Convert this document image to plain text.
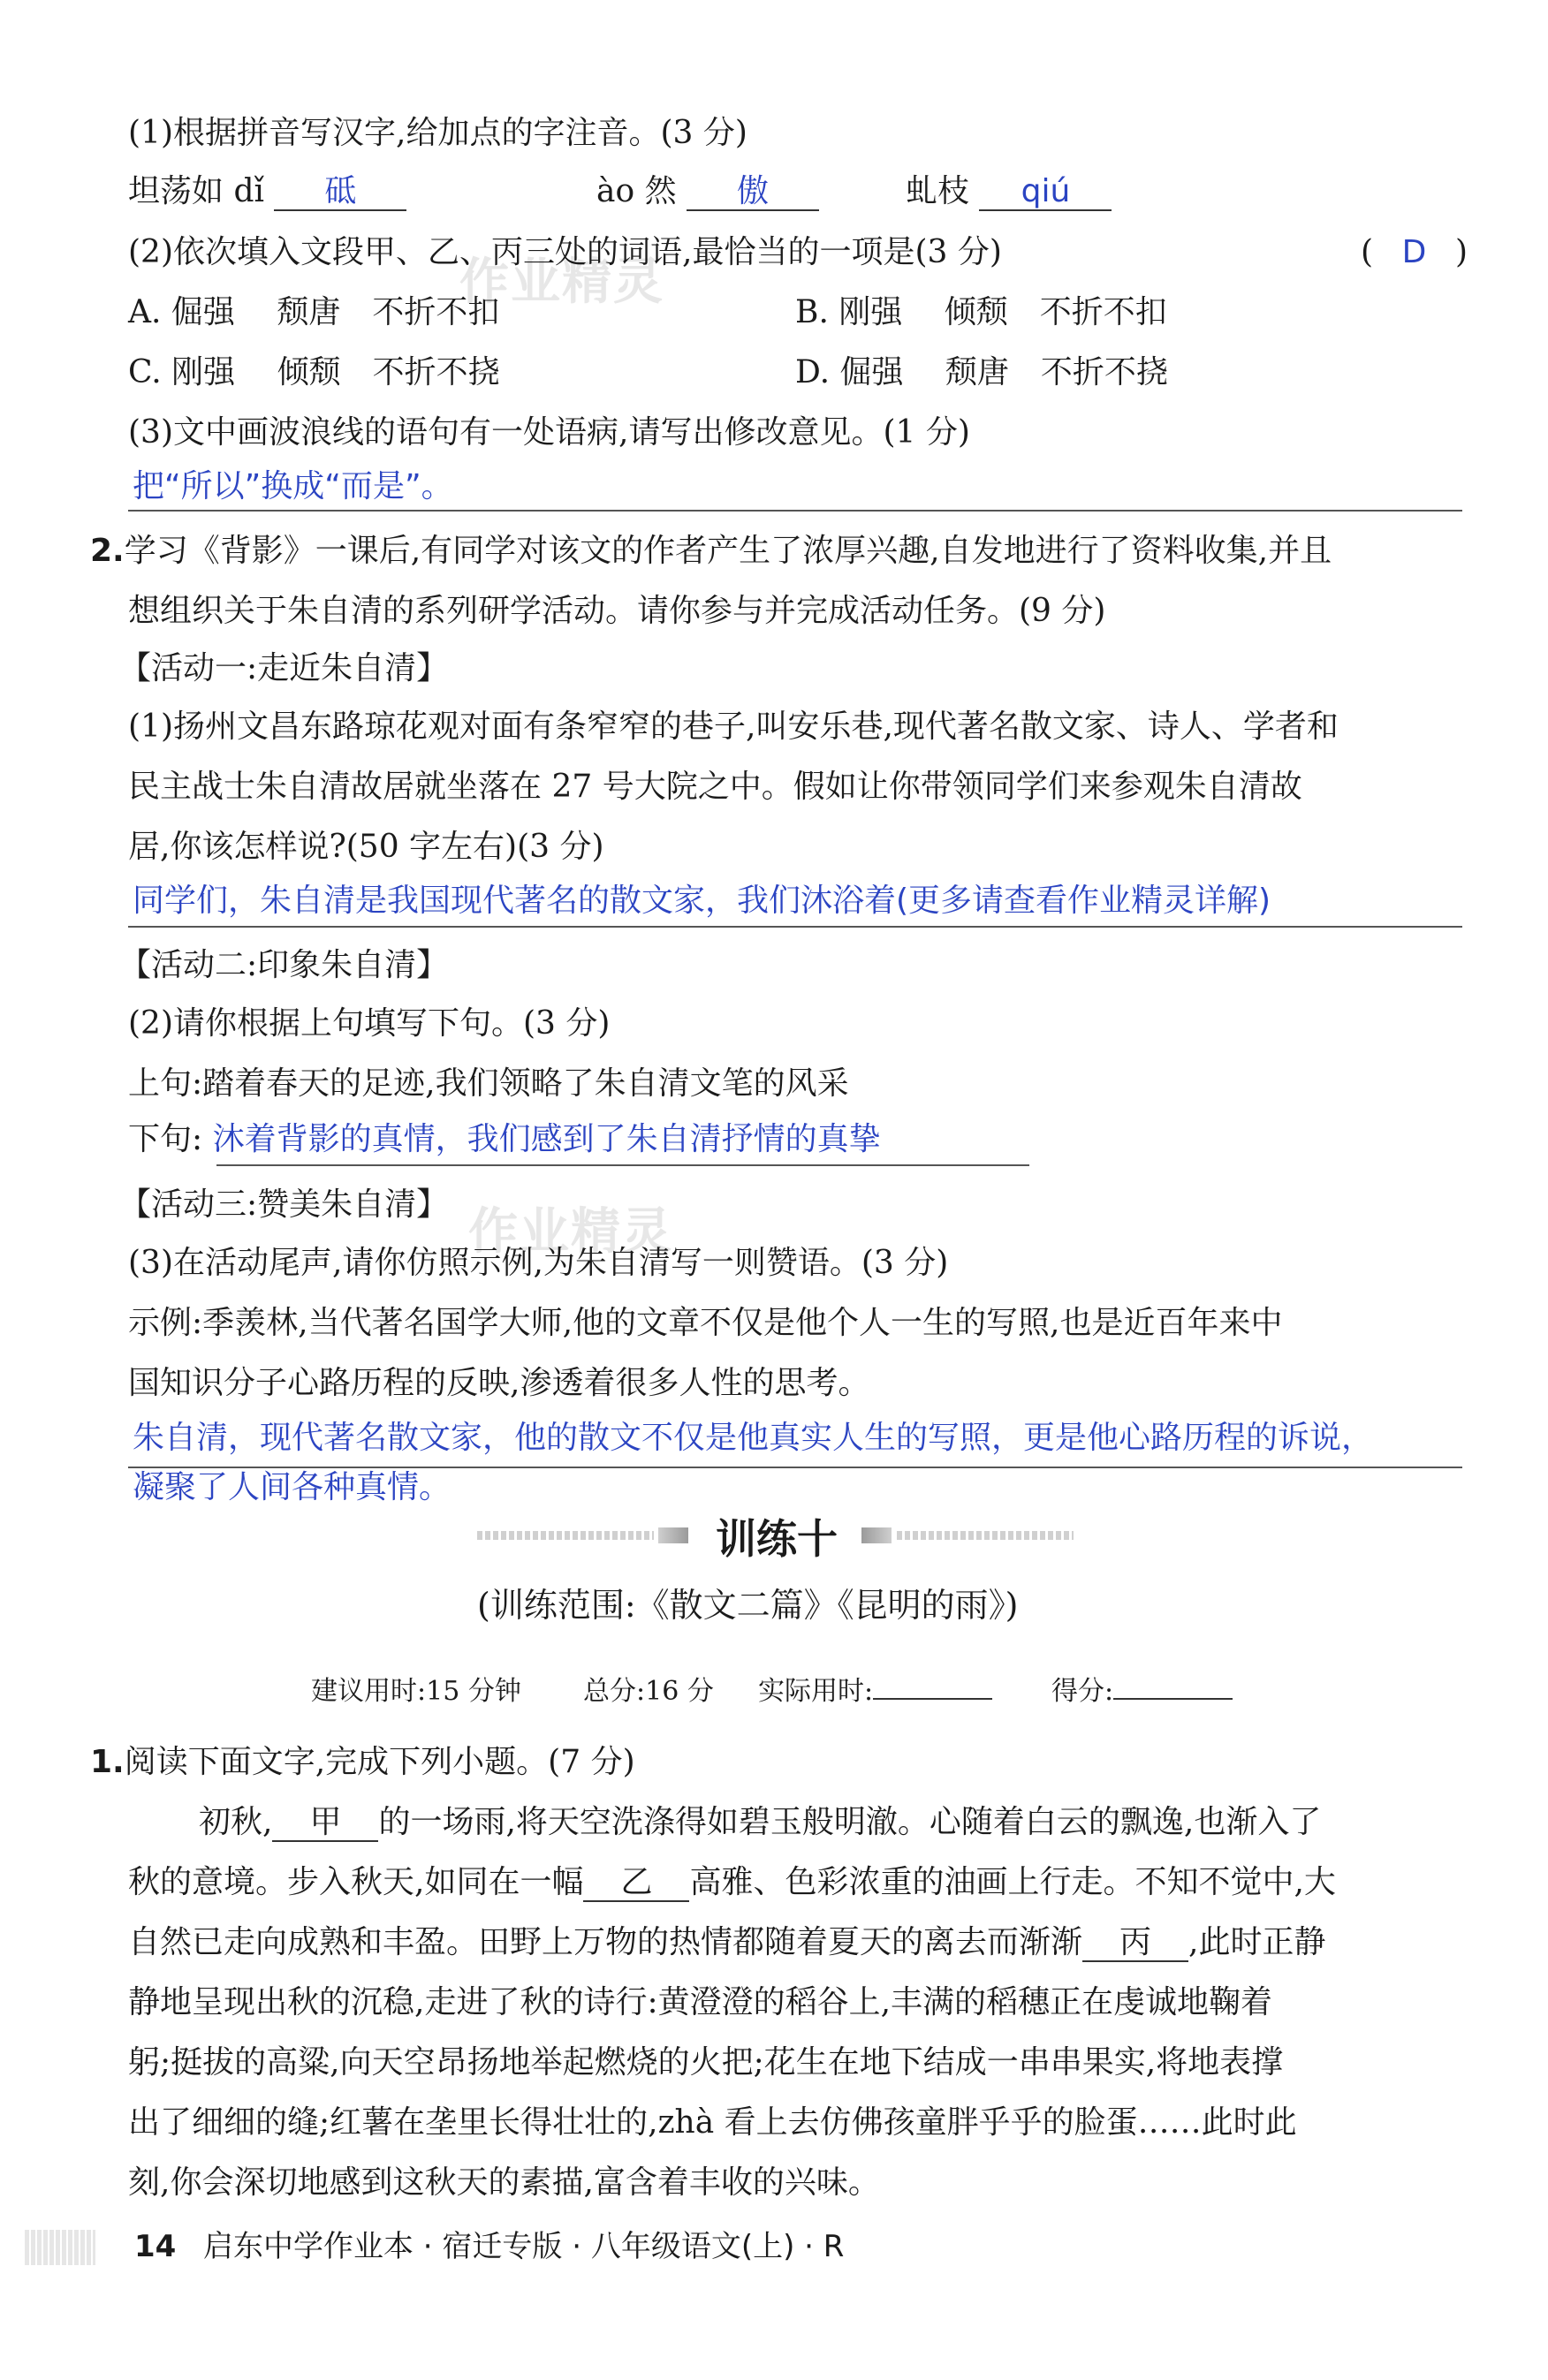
作业精灵
作业精灵
(1)根据拼音写汉字,给加点的字注音。(3 分)
坦荡如 dǐ 砥	ào 然 傲	虬枝 qiú
(2)依次填入文段甲、乙、丙三处的词语,最恰当的一项是(3 分)	( D )
A. 倔强　 颓唐　不折不扣	B. 刚强　 倾颓　不折不扣
C. 刚强　 倾颓　不折不挠	D. 倔强　 颓唐　不折不挠
(3)文中画波浪线的语句有一处语病,请写出修改意见。(1 分)
把“所以”换成“而是”。
2.学习《背影》一课后,有同学对该文的作者产生了浓厚兴趣,自发地进行了资料收集,并且
想组织关于朱自清的系列研学活动。请你参与并完成活动任务。(9 分)
【活动一:走近朱自清】
(1)扬州文昌东路琼花观对面有条窄窄的巷子,叫安乐巷,现代著名散文家、诗人、学者和
民主战士朱自清故居就坐落在 27 号大院之中。假如让你带领同学们来参观朱自清故
居,你该怎样说?(50 字左右)(3 分)
同学们，朱自清是我国现代著名的散文家，我们沐浴着(更多请查看作业精灵详解)
【活动二:印象朱自清】
(2)请你根据上句填写下句。(3 分)
上句:踏着春天的足迹,我们领略了朱自清文笔的风采
下句: 沐着背影的真情，我们感到了朱自清抒情的真挚
【活动三:赞美朱自清】
(3)在活动尾声,请你仿照示例,为朱自清写一则赞语。(3 分)
示例:季羡林,当代著名国学大师,他的文章不仅是他个人一生的写照,也是近百年来中
国知识分子心路历程的反映,渗透着很多人性的思考。
朱自清，现代著名散文家，他的散文不仅是他真实人生的写照，更是他心路历程的诉说，
凝聚了人间各种真情。
训练十
(训练范围:《散文二篇》《昆明的雨》)
建议用时:15 分钟 总分:16 分 实际用时:	得分:
1.阅读下面文字,完成下列小题。(7 分)
初秋, 甲 的一场雨,将天空洗涤得如碧玉般明澈。心随着白云的飘逸,也渐入了
秋的意境。步入秋天,如同在一幅 乙 高雅、色彩浓重的油画上行走。不知不觉中,大
自然已走向成熟和丰盈。田野上万物的热情都随着夏天的离去而渐渐 丙 ,此时正静
静地呈现出秋的沉稳,走进了秋的诗行:黄澄澄的稻谷上,丰满的稻穗正在虔诚地鞠着
躬;挺拔的高粱,向天空昂扬地举起燃烧的火把;花生在地下结成一串串果实,将地表撑
出了细细的缝;红薯在垄里长得壮壮的,zhà 看上去仿佛孩童胖乎乎的脸蛋……此时此
刻,你会深切地感到这秋天的素描,富含着丰收的兴味。
14 启东中学作业本 · 宿迁专版 · 八年级语文(上) · R
